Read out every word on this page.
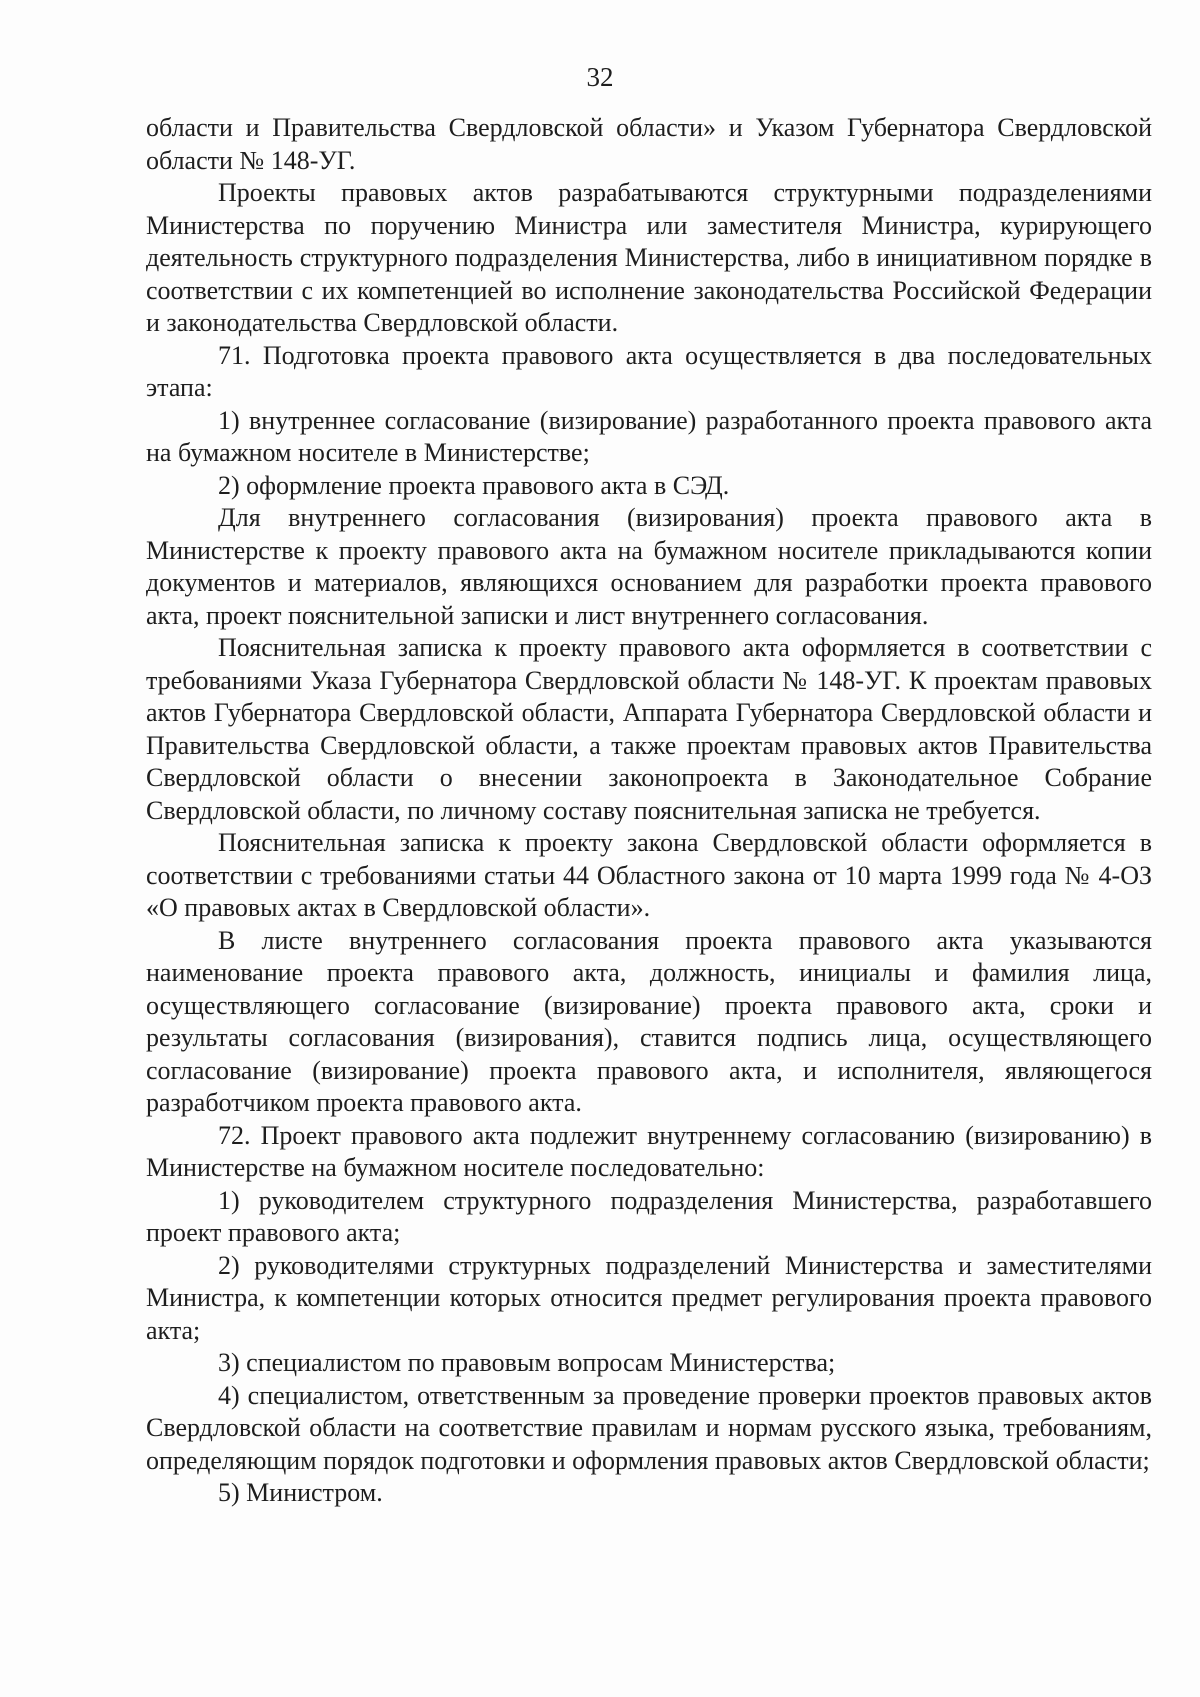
32

области и Правительства Свердловской области» и Указом Губернатора Свердловской области № 148-УГ.

Проекты правовых актов разрабатываются структурными подразделениями Министерства по поручению Министра или заместителя Министра, курирующего деятельность структурного подразделения Министерства, либо в инициативном порядке в соответствии с их компетенцией во исполнение законодательства Российской Федерации и законодательства Свердловской области.

71. Подготовка проекта правового акта осуществляется в два последовательных этапа:

1) внутреннее согласование (визирование) разработанного проекта правового акта на бумажном носителе в Министерстве;

2) оформление проекта правового акта в СЭД.

Для внутреннего согласования (визирования) проекта правового акта в Министерстве к проекту правового акта на бумажном носителе прикладываются копии документов и материалов, являющихся основанием для разработки проекта правового акта, проект пояснительной записки и лист внутреннего согласования.

Пояснительная записка к проекту правового акта оформляется в соответствии с требованиями Указа Губернатора Свердловской области № 148-УГ. К проектам правовых актов Губернатора Свердловской области, Аппарата Губернатора Свердловской области и Правительства Свердловской области, а также проектам правовых актов Правительства Свердловской области о внесении законопроекта в Законодательное Собрание Свердловской области, по личному составу пояснительная записка не требуется.

Пояснительная записка к проекту закона Свердловской области оформляется в соответствии с требованиями статьи 44 Областного закона от 10 марта 1999 года № 4-ОЗ «О правовых актах в Свердловской области».

В листе внутреннего согласования проекта правового акта указываются наименование проекта правового акта, должность, инициалы и фамилия лица, осуществляющего согласование (визирование) проекта правового акта, сроки и результаты согласования (визирования), ставится подпись лица, осуществляющего согласование (визирование) проекта правового акта, и исполнителя, являющегося разработчиком проекта правового акта.

72. Проект правового акта подлежит внутреннему согласованию (визированию) в Министерстве на бумажном носителе последовательно:

1) руководителем структурного подразделения Министерства, разработавшего проект правового акта;

2) руководителями структурных подразделений Министерства и заместителями Министра, к компетенции которых относится предмет регулирования проекта правового акта;

3) специалистом по правовым вопросам Министерства;

4) специалистом, ответственным за проведение проверки проектов правовых актов Свердловской области на соответствие правилам и нормам русского языка, требованиям, определяющим порядок подготовки и оформления правовых актов Свердловской области;

5) Министром.
